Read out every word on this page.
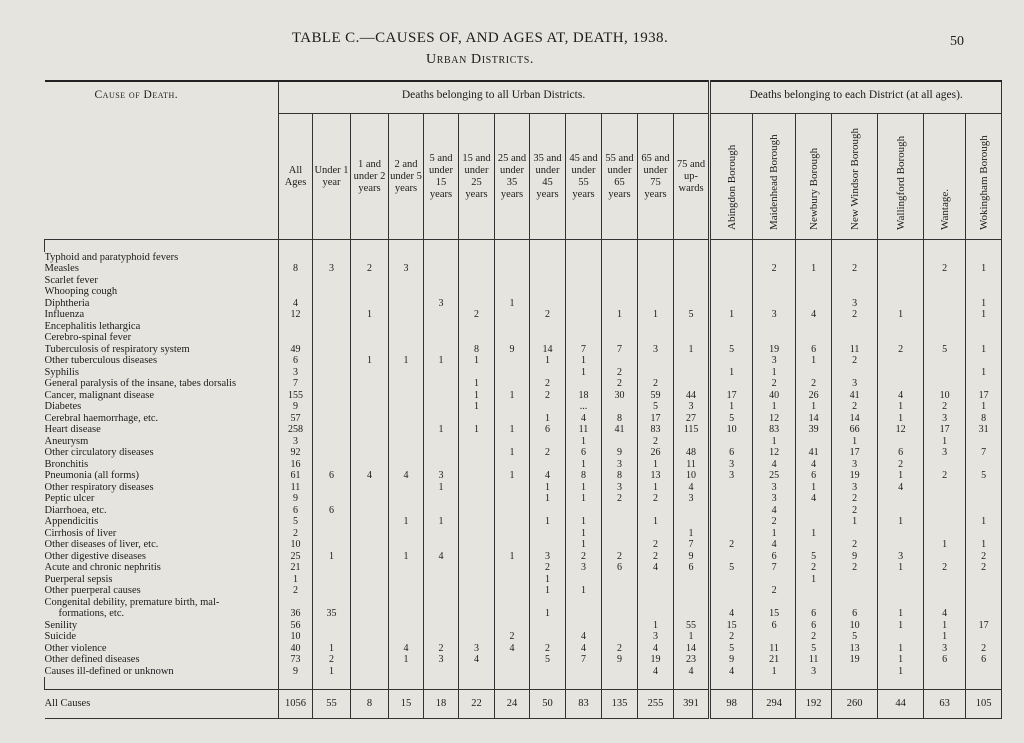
TABLE C.—CAUSES OF, AND AGES AT, DEATH, 1938.
Urban Districts.
50
Cause of Death.	Deaths belonging to all Urban Districts.												Deaths belonging to each District (at all ages).						
	All Ages	Under 1 year	1 and under 2 years	2 and under 5 years	5 and under 15 years	15 and under 25 years	25 and under 35 years	35 and under 45 years	45 and under 55 years	55 and under 65 years	65 and under 75 years	75 and up-wards	Abingdon Borough	Maidenhead Borough	Newbury Borough	New Windsor Borough	Wallingford Borough	Wantage.	Wokingham Borough

Typhoid and paratyphoid fevers																			
Measles	8	3	2	3										2	1	2		2	1
Scarlet fever																			
Whooping cough																			
Diphtheria	4				3		1									3			1
Influenza	12		1			2		2		1	1	5	1	3	4	2	1		1
Encephalitis lethargica																			
Cerebro-spinal fever																			
Tuberculosis of respiratory system	49					8	9	14	7	7	3	1	5	19	6	11	2	5	1
Other tuberculous diseases	6		1	1	1	1		1	1					3	1	2			
Syphilis	3								1	2			1	1					1
General paralysis of the insane, tabes dorsalis	7					1		2		2	2			2	2	3			
Cancer, malignant disease	155					1	1	2	18	30	59	44	17	40	26	41	4	10	17
Diabetes	9					1			...		5	3	1	1	1	2	1	2	1
Cerebral haemorrhage, etc.	57							1	4	8	17	27	5	12	14	14	1	3	8
Heart disease	258				1	1	1	6	11	41	83	115	10	83	39	66	12	17	31
Aneurysm	3								1		2			1		1		1	
Other circulatory diseases	92						1	2	6	9	26	48	6	12	41	17	6	3	7
Bronchitis	16								1	3	1	11	3	4	4	3	2		
Pneumonia (all forms)	61	6	4	4	3		1	4	8	8	13	10	3	25	6	19	1	2	5
Other respiratory diseases	11				1			1	1	3	1	4		3	1	3	4		
Peptic ulcer	9							1	1	2	2	3		3	4	2			
Diarrhoea, etc.	6	6												4		2			
Appendicitis	5			1	1			1	1		1			2		1	1		1
Cirrhosis of liver	2								1			1		1	1				
Other diseases of liver, etc.	10								1		2	7	2	4		2		1	1
Other digestive diseases	25	1		1	4		1	3	2	2	2	9		6	5	9	3		2
Acute and chronic nephritis	21							2	3	6	4	6	5	7	2	2	1	2	2
Puerperal sepsis	1							1							1				
Other puerperal causes	2							1	1					2					
Congenital debility, premature birth, mal-																			
formations, etc.	36	35						1					4	15	6	6	1	4	
Senility	56										1	55	15	6	6	10	1	1	17
Suicide	10						2		4		3	1	2		2	5		1	
Other violence	40	1		4	2	3	4	2	4	2	4	14	5	11	5	13	1	3	2
Other defined diseases	73	2		1	3	4		5	7	9	19	23	9	21	11	19	1	6	6
Causes ill-defined or unknown	9	1									4	4	4	1	3		1		

All Causes	1056	55	8	15	18	22	24	50	83	135	255	391	98	294	192	260	44	63	105
